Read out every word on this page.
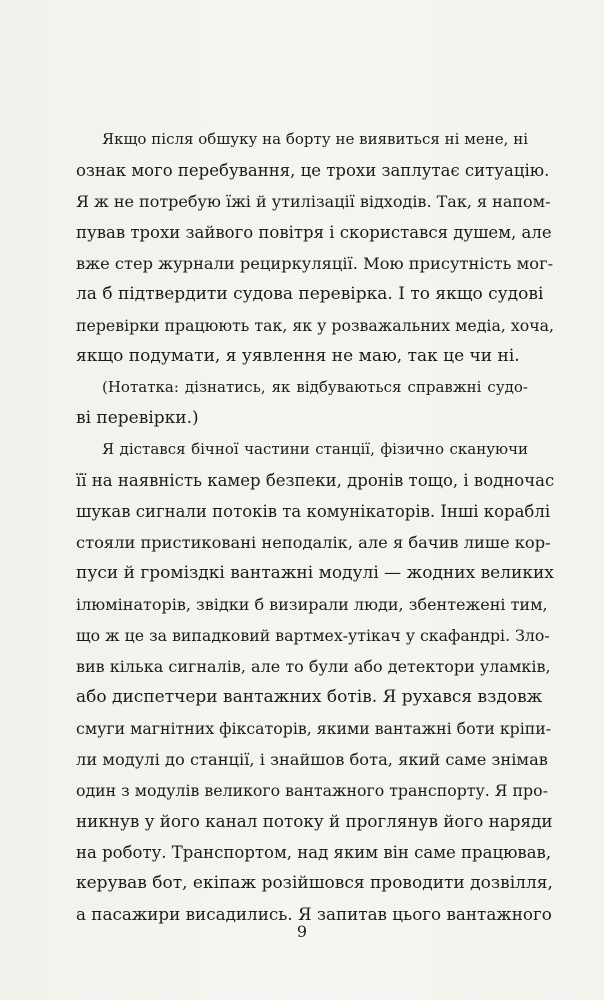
Якщо після обшуку на борту не виявиться ні мене, ні
ознак мого перебування, це трохи заплутає ситуацію.
Я ж не потребую їжі й утилізації відходів. Так, я напом-
пував трохи зайвого повітря і скористався душем, але
вже стер журнали рециркуляції. Мою присутність мог-
ла б підтвердити судова перевірка. І то якщо судові
перевірки працюють так, як у розважальних медіа, хоча,
якщо подумати, я уявлення не маю, так це чи ні.
(Нотатка: дізнатись, як відбуваються справжні судо-
ві перевірки.)
Я дістався бічної частини станції, фізично скануючи
її на наявність камер безпеки, дронів тощо, і водночас
шукав сигнали потоків та комунікаторів. Інші кораблі
стояли пристиковані неподалік, але я бачив лише кор-
пуси й громіздкі вантажні модулі — жодних великих
ілюмінаторів, звідки б визирали люди, збентежені тим,
що ж це за випадковий вартмех-утікач у скафандрі. Зло-
вив кілька сигналів, але то були або детектори уламків,
або диспетчери вантажних ботів. Я рухався вздовж
смуги магнітних фіксаторів, якими вантажні боти кріпи-
ли модулі до станції, і знайшов бота, який саме знімав
один з модулів великого вантажного транспорту. Я про-
никнув у його канал потоку й проглянув його наряди
на роботу. Транспортом, над яким він саме працював,
керував бот, екіпаж розійшовся проводити дозвілля,
а пасажири висадились. Я запитав цього вантажного
9
